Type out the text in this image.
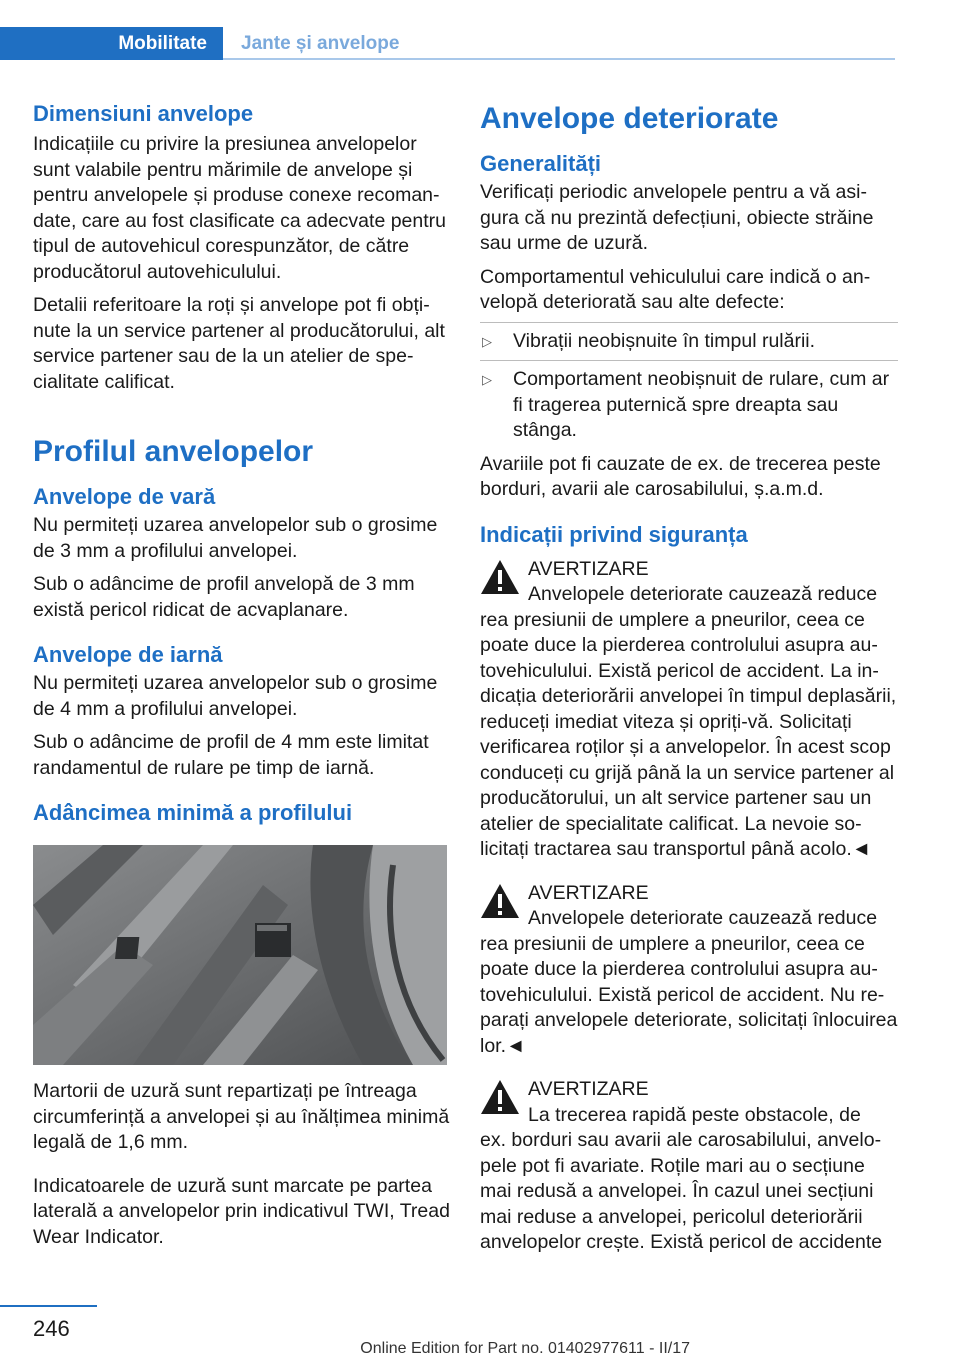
Mobilitate Jante și anvelope
Dimensiuni anvelope

Indicațiile cu privire la presiunea anvelopelor sunt valabile pentru mărimile de anvelope și pentru anvelopele și produse conexe recomandate, care au fost clasificate ca adecvate pentru tipul de autovehicul corespunzător, de către producătorul autovehiculului.

Detalii referitoare la roți și anvelope pot fi obținute la un service partener al producătorului, alt service partener sau de la un atelier de specialitate calificat.

Profilul anvelopelor
Anvelope de vară

Nu permiteți uzarea anvelopelor sub o grosime de 3 mm a profilului anvelopei.

Sub o adâncime de profil anvelopă de 3 mm există pericol ridicat de acvaplanare.

Anvelope de iarnă

Nu permiteți uzarea anvelopelor sub o grosime de 4 mm a profilului anvelopei.

Sub o adâncime de profil de 4 mm este limitat randamentul de rulare pe timp de iarnă.

Adâncimea minimă a profilului

Martorii de uzură sunt repartizați pe întreaga circumferință a anvelopei și au înălțimea minimă legală de 1,6 mm.

Indicatoarele de uzură sunt marcate pe partea laterală a anvelopelor prin indicativul TWI, Tread Wear Indicator.

Anvelope deteriorate
Generalități

Verificați periodic anvelopele pentru a vă asigura că nu prezintă defecțiuni, obiecte străine sau urme de uzură.

Comportamentul vehiculului care indică o anvelopă deteriorată sau alte defecte:

▷ Vibrații neobișnuite în timpul rulării.
▷ Comportament neobișnuit de rulare, cum ar fi tragerea puternică spre dreapta sau stânga.

Avariile pot fi cauzate de ex. de trecerea peste borduri, avarii ale carosabilului, ș.a.m.d.

Indicații privind siguranța
AVERTIZARE

Anvelopele deteriorate cauzează reduce

rea presiunii de umplere a pneurilor, ceea ce poate duce la pierderea controlului asupra autovehiculului. Există pericol de accident. La indicația deteriorării anvelopei în timpul deplasării, reduceți imediat viteza și opriți-vă. Solicitați verificarea roților și a anvelopelor. În acest scop conduceți cu grijă până la un service partener al producătorului, un alt service partener sau un atelier de specialitate calificat. La nevoie solicitați tractarea sau transportul până acolo.◄

AVERTIZARE

Anvelopele deteriorate cauzează reduce

rea presiunii de umplere a pneurilor, ceea ce poate duce la pierderea controlului asupra autovehiculului. Există pericol de accident. Nu reparați anvelopele deteriorate, solicitați înlocuirea lor.◄

AVERTIZARE

La trecerea rapidă peste obstacole, de

ex. borduri sau avarii ale carosabilului, anvelopele pot fi avariate. Roțile mari au o secțiune mai redusă a anvelopei. În cazul unei secțiuni mai reduse a anvelopei, pericolul deteriorării anvelopelor crește. Există pericol de accidente

246
Online Edition for Part no. 01402977611 - II/17
